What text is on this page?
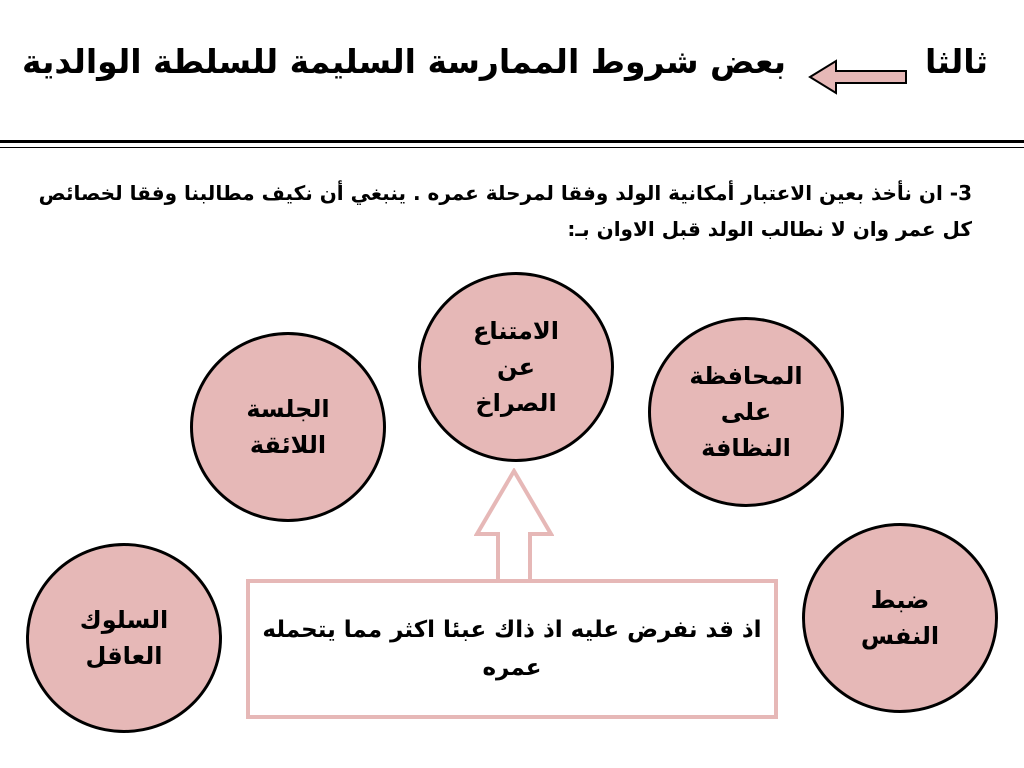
ثالثا
بعض شروط الممارسة السليمة للسلطة الوالدية
3- ان نأخذ بعين الاعتبار أمكانية الولد وفقا لمرحلة عمره . ينبغي أن نكيف مطالبنا وفقا لخصائص كل عمر وان لا نطالب الولد قبل الاوان بـ:
الامتناع
عن
الصراخ
الجلسة
اللائقة
المحافظة
على
النظافة
السلوك
العاقل
ضبط
النفس
اذ قد نفرض عليه اذ ذاك عبئا اكثر مما يتحمله عمره
